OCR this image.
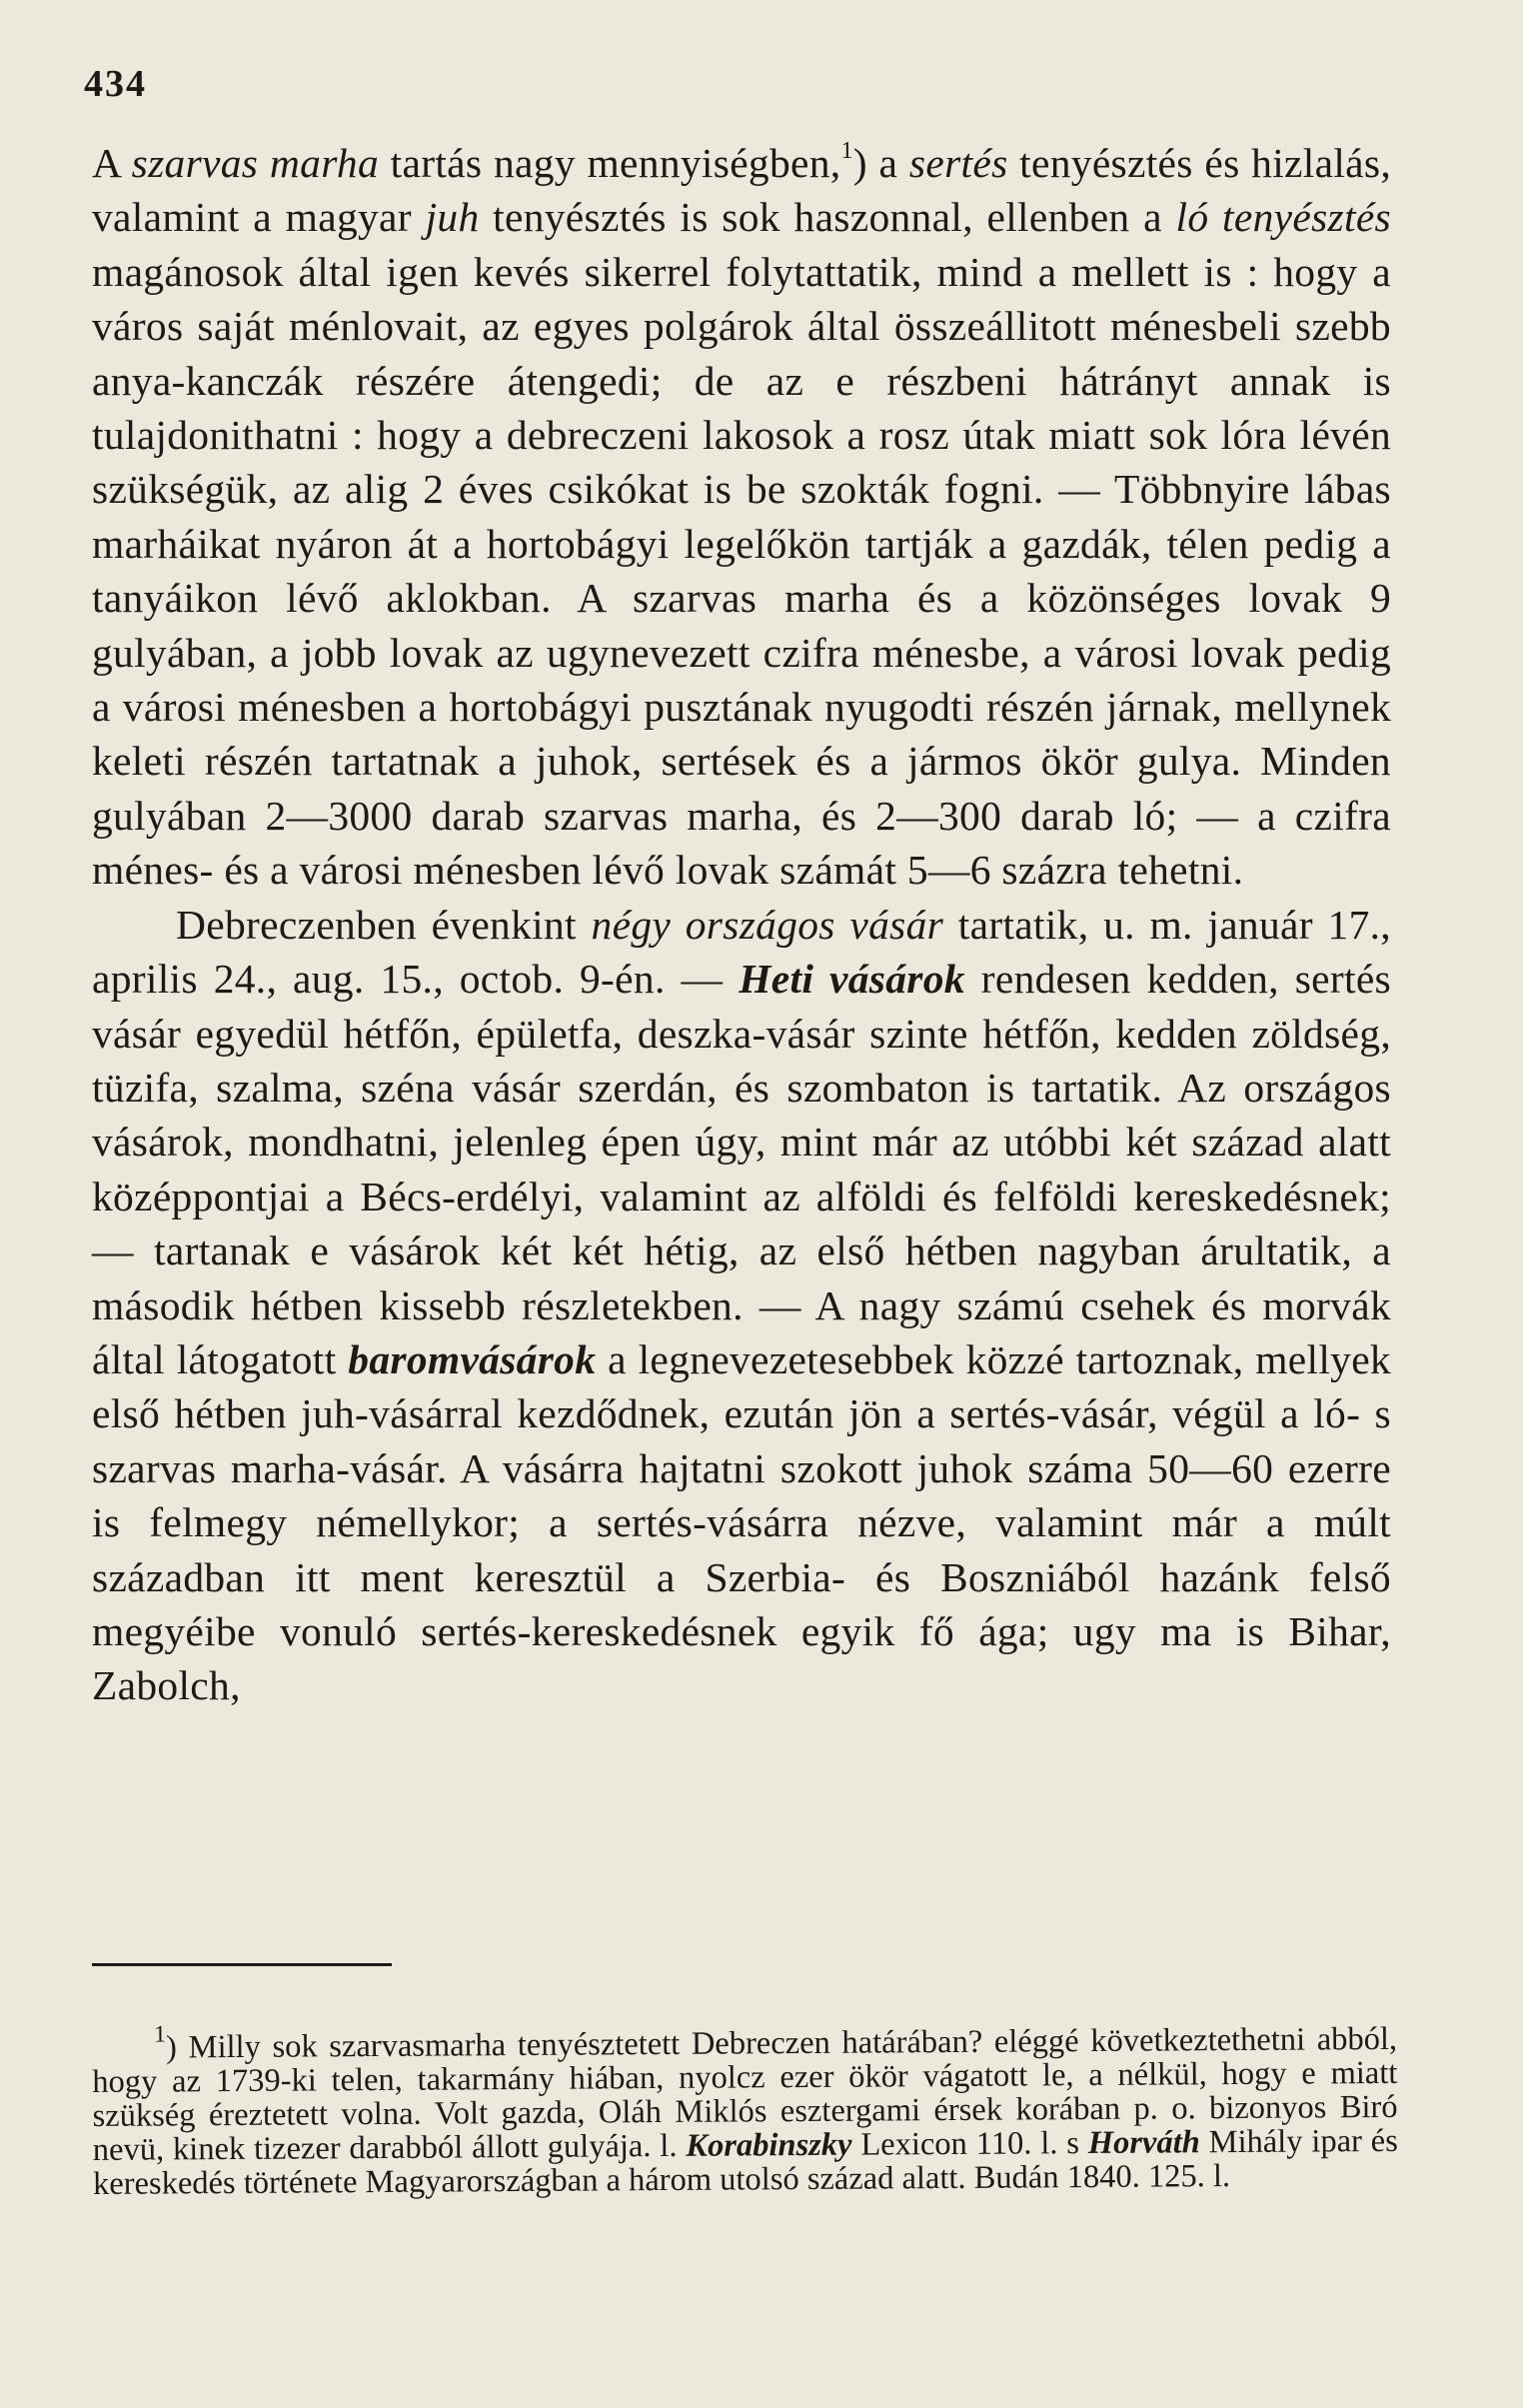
434

A szarvas marha tartás nagy mennyiségben,$^1$) a sertés tenyésztés és hizlalás, valamint a magyar juh tenyésztés is sok haszonnal, ellenben a ló tenyésztés magánosok által igen kevés sikerrel folytattatik, mind a mellett is : hogy a város saját ménlovait, az egyes polgárok által összeállitott ménesbeli szebb anya-kanczák részére átengedi; de az e részbeni hátrányt annak is tulajdonithatni : hogy a debreczeni lakosok a rosz útak miatt sok lóra lévén szükségük, az alig 2 éves csikókat is be szokták fogni. — Többnyire lábas marháikat nyáron át a hortobágyi legelőkön tartják a gazdák, télen pedig a tanyáikon lévő aklokban. A szarvas marha és a közönséges lovak 9 gulyában, a jobb lovak az ugynevezett czifra ménesbe, a városi lovak pedig a városi ménesben a hortobágyi pusztának nyugodti részén járnak, mellynek keleti részén tartatnak a juhok, sertések és a jármos ökör gulya. Minden gulyában 2—3000 darab szarvas marha, és 2—300 darab ló; — a czifra ménes- és a városi ménesben lévő lovak számát 5—6 százra tehetni.

Debreczenben évenkint négy országos vásár tartatik, u. m. január 17., aprilis 24., aug. 15., octob. 9-én. — Heti vásárok rendesen kedden, sertés vásár egyedül hétfőn, épületfa, deszka-vásár szinte hétfőn, kedden zöldség, tüzifa, szalma, széna vásár szerdán, és szombaton is tartatik. Az országos vásárok, mondhatni, jelenleg épen úgy, mint már az utóbbi két század alatt középpontjai a Bécs-erdélyi, valamint az alföldi és felföldi kereskedésnek; — tartanak e vásárok két két hétig, az első hétben nagyban árultatik, a második hétben kissebb részletekben. — A nagy számú csehek és morvák által látogatott baromvásárok a legnevezetesebbek közzé tartoznak, mellyek első hétben juh-vásárral kezdődnek, ezután jön a sertés-vásár, végül a ló- s szarvas marha-vásár. A vásárra hajtatni szokott juhok száma 50—60 ezerre is felmegy némellykor; a sertés-vásárra nézve, valamint már a múlt században itt ment keresztül a Szerbia- és Boszniából hazánk felső megyéibe vonuló sertés-kereskedésnek egyik fő ága; ugy ma is Bihar, Zabolch,

$^1$) Milly sok szarvasmarha tenyésztetett Debreczen határában? eléggé következtethetni abból, hogy az 1739-ki telen, takarmány hiában, nyolcz ezer ökör vágatott le, a nélkül, hogy e miatt szükség éreztetett volna. Volt gazda, Oláh Miklós esztergami érsek korában p. o. bizonyos Biró nevü, kinek tizezer darabból állott gulyája. l. Korabinszky Lexicon 110. l. s Horváth Mihály ipar és kereskedés története Magyarországban a három utolsó század alatt. Budán 1840. 125. l.
